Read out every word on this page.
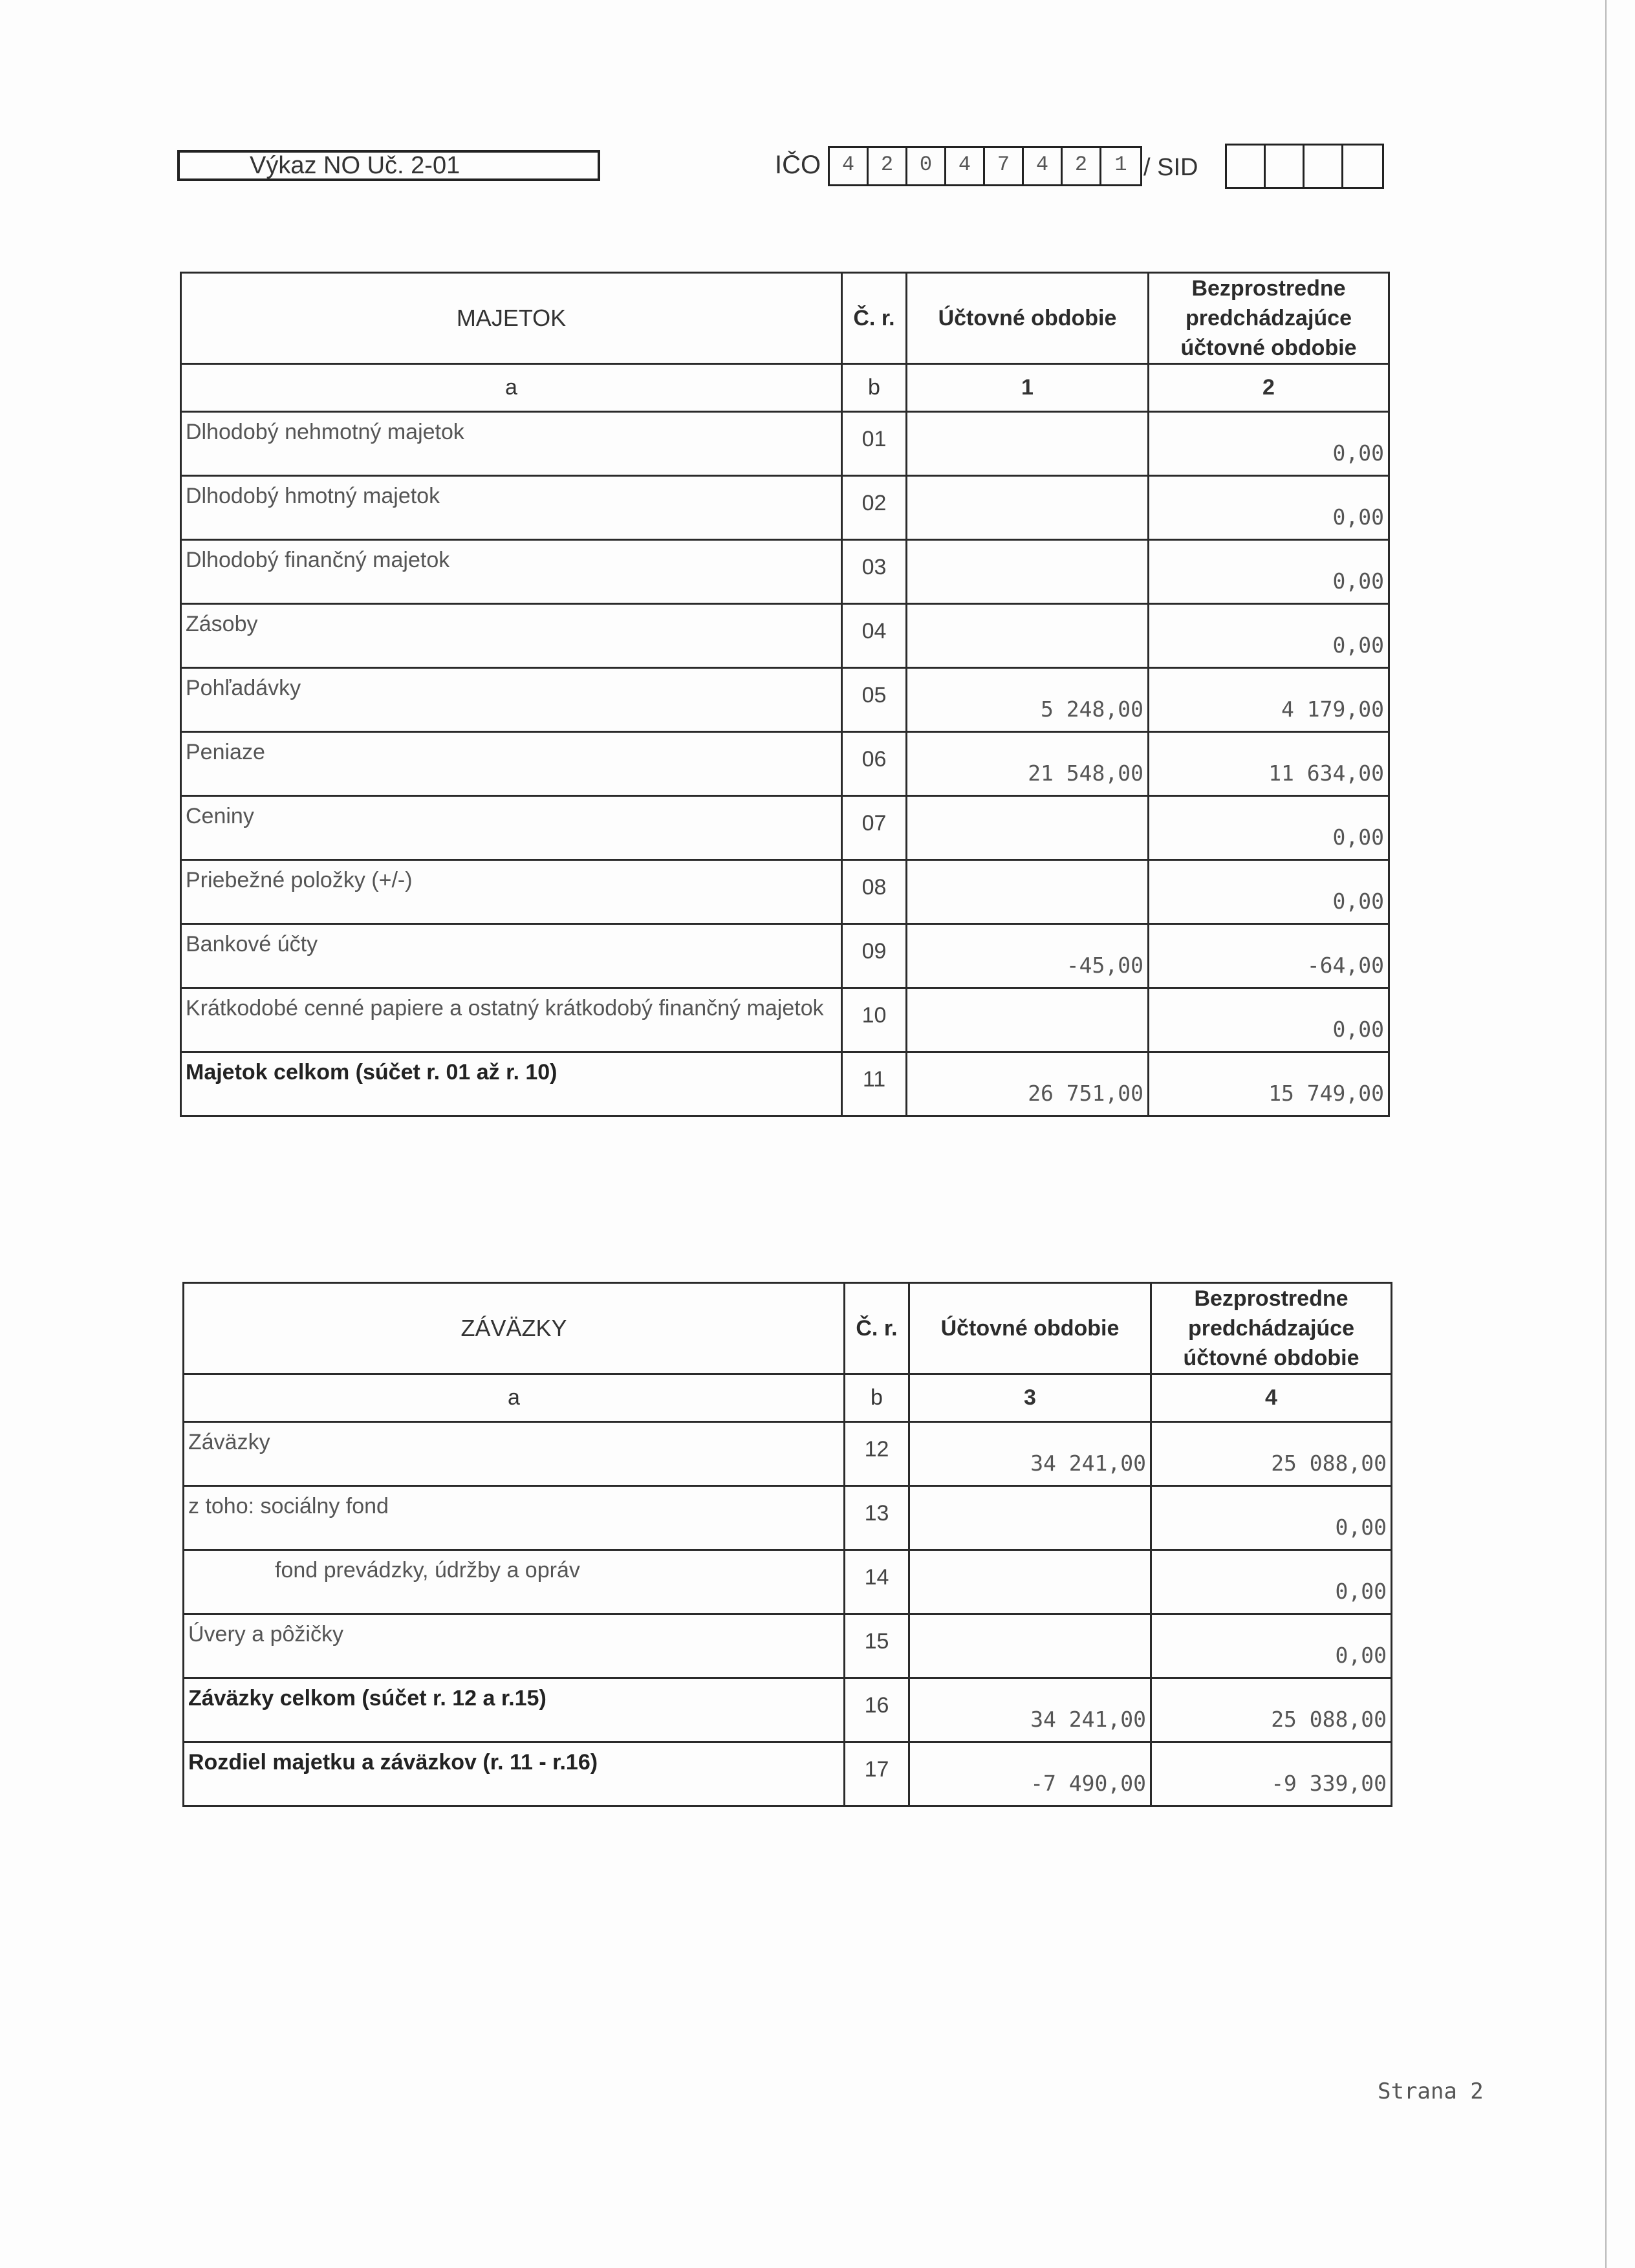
Výkaz NO Uč. 2-01	IČO	4	2	0	4	7	4	2	1 / SID
MAJETOK	Č. r.	Účtovné obdobie	Bezprostredne predchádzajúce účtovné obdobie
a	b	1	2
Dlhodobý nehmotný majetok	01		0,00
Dlhodobý hmotný majetok	02		0,00
Dlhodobý finančný majetok	03		0,00
Zásoby	04		0,00
Pohľadávky	05	5 248,00	4 179,00
Peniaze	06	21 548,00	11 634,00
Ceniny	07		0,00
Priebežné položky (+/-)	08		0,00
Bankové účty	09	-45,00	-64,00
Krátkodobé cenné papiere a ostatný krátkodobý finančný majetok	10		0,00
Majetok celkom (súčet r. 01 až r. 10)	11	26 751,00	15 749,00
ZÁVÄZKY	Č. r.	Účtovné obdobie	Bezprostredne predchádzajúce účtovné obdobie
a	b	3	4
Záväzky	12	34 241,00	25 088,00
z toho: sociálny fond	13		0,00
fond prevádzky, údržby a opráv	14		0,00
Úvery a pôžičky	15		0,00
Záväzky celkom (súčet r. 12 a r.15)	16	34 241,00	25 088,00
Rozdiel majetku a záväzkov (r. 11 - r.16)	17	-7 490,00	-9 339,00
Strana 2
